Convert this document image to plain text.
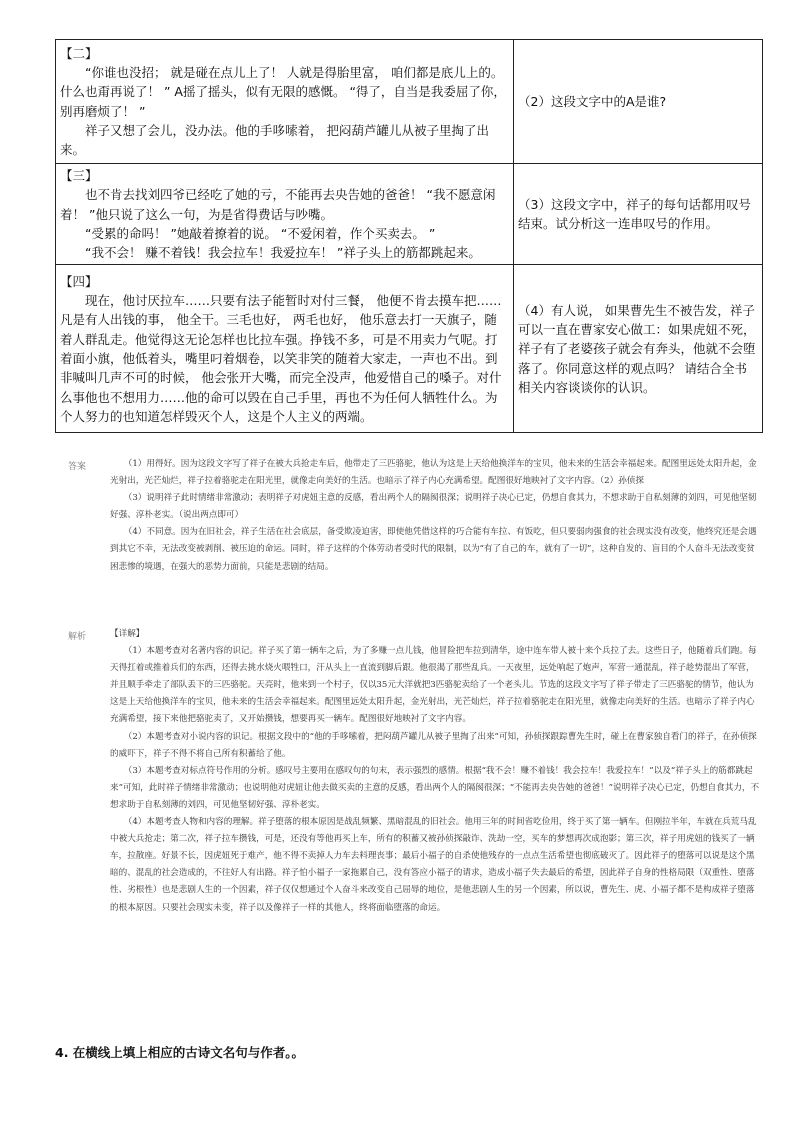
【二】
　　“你谁也没招； 就是碰在点儿上了！ 人就是得胎里富， 咱们都是底儿上的。什么也甭再说了！ ” A摇了摇头，似有无限的感慨。 “得了，自当是我委屈了你，别再磨烦了！ ”
　　祥子又想了会儿，没办法。他的手哆嗦着， 把闷葫芦罐儿从被子里掏了出来。	（2）这段文字中的A是谁?

【三】
　　也不肯去找刘四爷已经吃了她的亏，不能再去央告她的爸爸！ “我不愿意闲着！ ”他只说了这么一句，为是省得费话与吵嘴。
　　“受累的命吗！ ”她敲着撩着的说。 “不爱闲着，作个买卖去。 ”
　　“我不会！ 赚不着钱！我会拉车！我爱拉车！ ”祥子头上的筋都跳起来。	（3）这段文字中，祥子的每句话都用叹号结束。试分析这一连串叹号的作用。

【四】
　　现在，他讨厌拉车……只要有法子能暂时对付三餐， 他便不肯去摸车把……凡是有人出钱的事， 他全干。三毛也好， 两毛也好， 他乐意去打一天旗子，随着人群乱走。他觉得这无论怎样也比拉车强。挣钱不多，可是不用卖力气呢。打着面小旗，他低着头，嘴里叼着烟卷，以笑非笑的随着大家走，一声也不出。到非喊叫几声不可的时候， 他会张开大嘴，而完全没声，他爱惜自己的嗓子。对什么事他也不想用力……他的命可以毁在自己手里，再也不为任何人牺牲什么。为个人努力的也知道怎样毁灭个人，这是个人主义的两端。	（4）有人说， 如果曹先生不被告发，祥子可以一直在曹家安心做工：如果虎妞不死，祥子有了老婆孩子就会有奔头，他就不会堕落了。你同意这样的观点吗？ 请结合全书相关内容谈谈你的认识。
答案	（1）用得好。因为这段文字写了祥子在被大兵抢走车后，他带走了三匹骆驼，他认为这是上天给他换洋车的宝贝，他未来的生活会幸福起来。配图里远处太阳升起，金光射出，光芒灿烂，祥子拉着骆驼走在阳光里，就像走向美好的生活。也暗示了祥子内心充满希望。配图很好地映衬了文字内容。（2）孙侦探

（3）说明祥子此时情绪非常激动；表明祥子对虎妞主意的反感，看出两个人的隔阂很深；说明祥子决心已定，仍想自食其力，不想求助于自私刻薄的刘四，可见他坚韧好强、淳朴老实。（说出两点即可）

（4）不同意。因为在旧社会，祥子生活在社会底层，备受欺凌迫害，即使他凭借这样的巧合能有车拉、有饭吃，但只要弱肉强食的社会现实没有改变，他终究还是会遇到其它不幸，无法改变被剥削、被压迫的命运。同时，祥子这样的个体劳动者受时代的限制，以为“有了自己的车，就有了一切”，这种自发的、盲目的个人奋斗无法改变贫困悲惨的境遇，在强大的恶势力面前，只能是悲剧的结局。

解析	【详解】

（1）本题考查对名著内容的识记。祥子买了第一辆车之后，为了多赚一点儿钱，他冒险把车拉到清华，途中连车带人被十来个兵拉了去。这些日子，他随着兵们跑。每天得扛着或推着兵们的东西，还得去挑水烧火喂牲口，汗从头上一直流到脚后跟。他很渴了那些乱兵。一天夜里，远处响起了炮声，军营一通混乱，祥子趁势混出了军营，并且顺手牵走了部队丢下的三匹骆驼。天亮时，他来到一个村子，仅以35元大洋就把3匹骆驼卖给了一个老头儿。节选的这段文字写了祥子带走了三匹骆驼的情节，他认为这是上天给他换洋车的宝贝，他未来的生活会幸福起来。配图里远处太阳升起，金光射出，光芒灿烂，祥子拉着骆驼走在阳光里，就像走向美好的生活。也暗示了祥子内心充满希望，接下来他把骆驼卖了，又开始攒钱，想要再买一辆车。配图很好地映衬了文字内容。

（2）本题考查对小说内容的识记。根据文段中的“他的手哆嗦着，把闷葫芦罐儿从被子里掏了出来”可知，孙侦探跟踪曹先生时，碰上在曹家独自看门的祥子，在孙侦探的威吓下，祥子不得不将自己所有积蓄给了他。

（3）本题考查对标点符号作用的分析。感叹号主要用在感叹句的句末，表示强烈的感情。根据“我不会！赚不着钱！我会拉车！我爱拉车！”以及“祥子头上的筋都跳起来”可知，此时祥子情绪非常激动；也说明他对虎妞让他去做买卖的主意的反感，看出两个人的隔阂很深；“不能再去央告她的爸爸！”说明祥子决心已定，仍想自食其力，不想求助于自私刻薄的刘四，可见他坚韧好强、淳朴老实。

（4）本题考查人物和内容的理解。祥子堕落的根本原因是战乱频繁、黑暗混乱的旧社会。他用三年的时间省吃俭用，终于买了第一辆车。但刚拉半年，车就在兵荒马乱中被大兵抢走；第二次，祥子拉车攒钱，可是，还没有等他再买上车，所有的积蓄又被孙侦探敲诈、洗劫一空，买车的梦想再次成泡影；第三次，祥子用虎妞的钱买了一辆车，拉散座。好景不长，因虎妞死于难产，他不得不卖掉人力车去料理丧事；最后小福子的自杀使他残存的一点点生活希望也彻底破灭了。因此祥子的堕落可以说是这个黑暗的、混乱的社会造成的，不往好人有出路。祥子怕小福子一家拖累自己，没有答应小福子的请求，造成小福子失去最后的希望，因此祥子自身的性格局限（双重性、堕落性、劣根性）也是悲剧人生的一个因素，祥子仅仅想通过个人奋斗来改变自己屈辱的地位，是他悲剧人生的另一个因素，所以说，曹先生、虎、小福子都不是构成祥子堕落的根本原因。只要社会现实未变，祥子以及像祥子一样的其他人，终将面临堕落的命运。

4. 在横线上填上相应的古诗文名句与作者。。
